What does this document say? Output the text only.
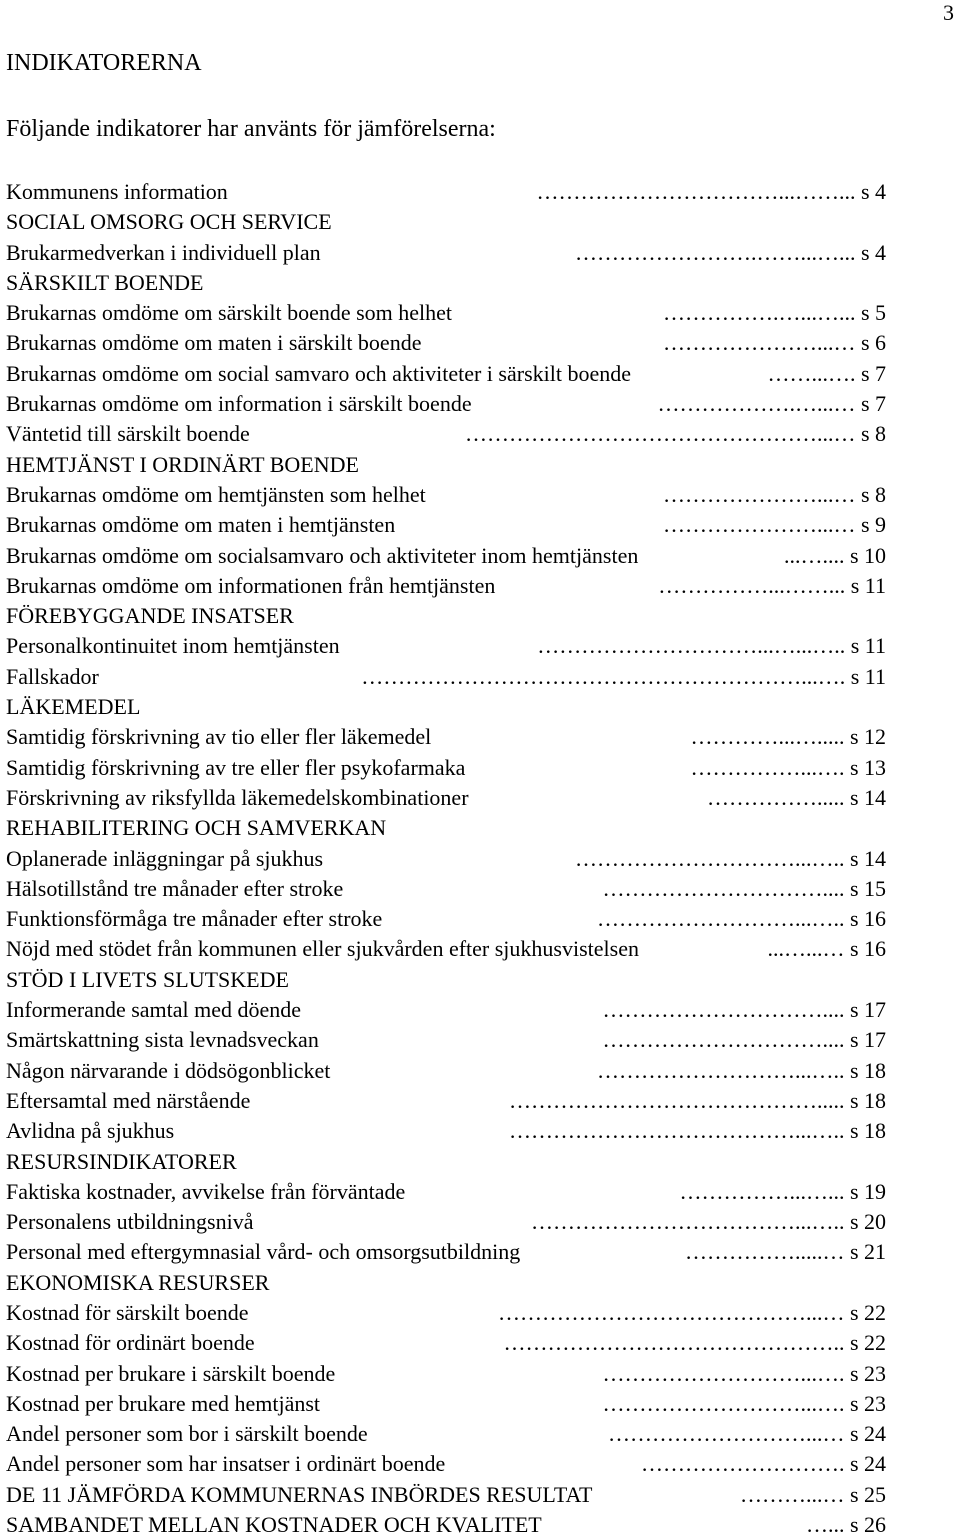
3
INDIKATORERNA
Följande indikatorer har använts för jämförelserna:
Kommunens information	……………………………...……... s 4
SOCIAL OMSORG OCH SERVICE
Brukarmedverkan i individuell plan	…………………….……...…... s 4
SÄRSKILT BOENDE
Brukarnas omdöme om särskilt boende som helhet	…………….…...…... s 5
Brukarnas omdöme om maten i särskilt boende	…………………...… s 6
Brukarnas omdöme om social samvaro och aktiviteter i särskilt boende	……...…. s 7
Brukarnas omdöme om information i särskilt boende	……………….…...… s 7
Väntetid till särskilt boende	…………………………………………...… s 8
HEMTJÄNST I ORDINÄRT BOENDE
Brukarnas omdöme om hemtjänsten som helhet	…………………...… s 8
Brukarnas omdöme om maten i hemtjänsten	…………………...… s 9
Brukarnas omdöme om socialsamvaro och aktiviteter inom hemtjänsten	...….... s 10
Brukarnas omdöme om informationen från hemtjänsten	……………...……... s 11
FÖREBYGGANDE INSATSER
Personalkontinuitet inom hemtjänsten	…………………………...…...….. s 11
Fallskador	……………………………………………………...…. s 11
LÄKEMEDEL
Samtidig förskrivning av tio eller fler läkemedel	…………...…..... s 12
Samtidig förskrivning av tre eller fler psykofarmaka	……………...…. s 13
Förskrivning av riksfyllda läkemedelskombinationer	……………..... s 14
REHABILITERING OCH SAMVERKAN
Oplanerade inläggningar på sjukhus	…………………………...….. s 14
Hälsotillstånd tre månader efter stroke	………………………….... s 15
Funktionsförmåga tre månader efter stroke	………………………...….. s 16
Nöjd med stödet från kommunen eller sjukvården efter sjukhusvistelsen	...…...… s 16
STÖD I LIVETS SLUTSKEDE
Informerande samtal med döende	………………………….... s 17
Smärtskattning sista levnadsveckan	………………………….... s 17
Någon närvarande i dödsögonblicket	………………………...….. s 18
Eftersamtal med närstående	……………………………………..... s 18
Avlidna på sjukhus	…………………………………...….. s 18
RESURSINDIKATORER
Faktiska kostnader, avvikelse från förväntade	……………...…... s 19
Personalens utbildningsnivå	………………………………...….. s 20
Personal med eftergymnasial vård- och omsorgsutbildning	…………….....… s 21
EKONOMISKA RESURSER
Kostnad för särskilt boende	……………………………………...… s 22
Kostnad för ordinärt boende	……………………………………….. s 22
Kostnad per brukare i särskilt boende	………………………...…. s 23
Kostnad per brukare med hemtjänst	………………………...…. s 23
Andel personer som bor i särskilt boende	………………………...… s 24
Andel personer som har insatser i ordinärt boende	………………………. s 24
DE 11 JÄMFÖRDA KOMMUNERNAS INBÖRDES RESULTAT	………...… s 25
SAMBANDET MELLAN KOSTNADER OCH KVALITET	…... s 26
